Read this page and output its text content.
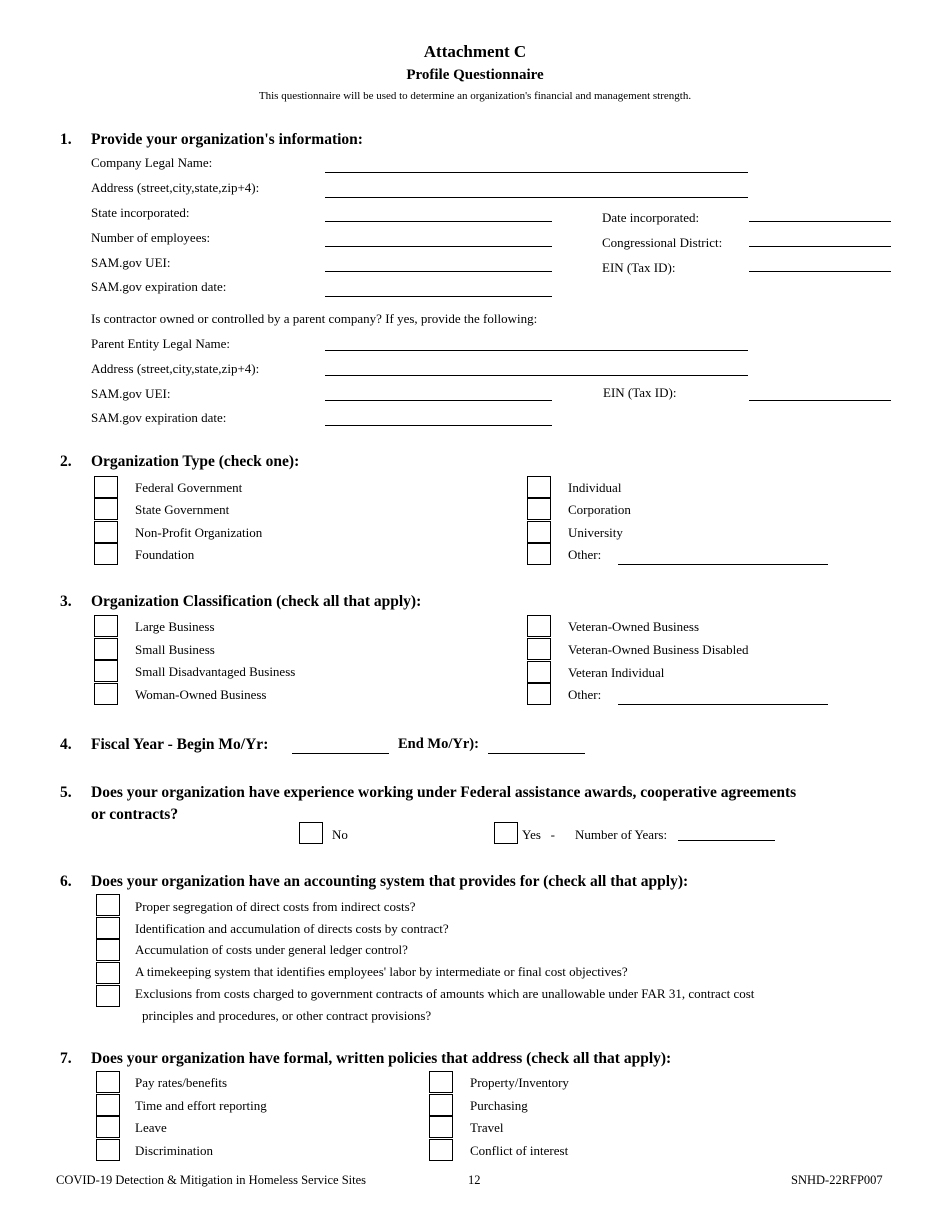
Attachment C
Profile Questionnaire
This questionnaire will be used to determine an organization's financial and management strength.
1. Provide your organization's information:
Company Legal Name:
Address (street,city,state,zip+4):
State incorporated:	Date incorporated:
Number of employees:	Congressional District:
SAM.gov UEI:	EIN (Tax ID):
SAM.gov expiration date:
Is contractor owned or controlled by a parent company? If yes, provide the following:
Parent Entity Legal Name:
Address (street,city,state,zip+4):
SAM.gov UEI:	EIN (Tax ID):
SAM.gov expiration date:
2. Organization Type (check one):
Federal Government
State Government
Non-Profit Organization
Foundation
Individual
Corporation
University
Other:
3. Organization Classification (check all that apply):
Large Business
Small Business
Small Disadvantaged Business
Woman-Owned Business
Veteran-Owned Business
Veteran-Owned Business Disabled
Veteran Individual
Other:
4. Fiscal Year - Begin Mo/Yr:	End Mo/Yr):
5. Does your organization have experience working under Federal assistance awards, cooperative agreements
or contracts?
No	Yes   - Number of Years:
6. Does your organization have an accounting system that provides for (check all that apply):
Proper segregation of direct costs from indirect costs?
Identification and accumulation of directs costs by contract?
Accumulation of costs under general ledger control?
A timekeeping system that identifies employees' labor by intermediate or final cost objectives?
Exclusions from costs charged to government contracts of amounts which are unallowable under FAR 31, contract cost
principles and procedures, or other contract provisions?
7. Does your organization have formal, written policies that address (check all that apply):
Pay rates/benefits
Time and effort reporting
Leave
Discrimination
Property/Inventory
Purchasing
Travel
Conflict of interest
COVID-19 Detection & Mitigation in Homeless Service Sites	12	SNHD-22RFP007
